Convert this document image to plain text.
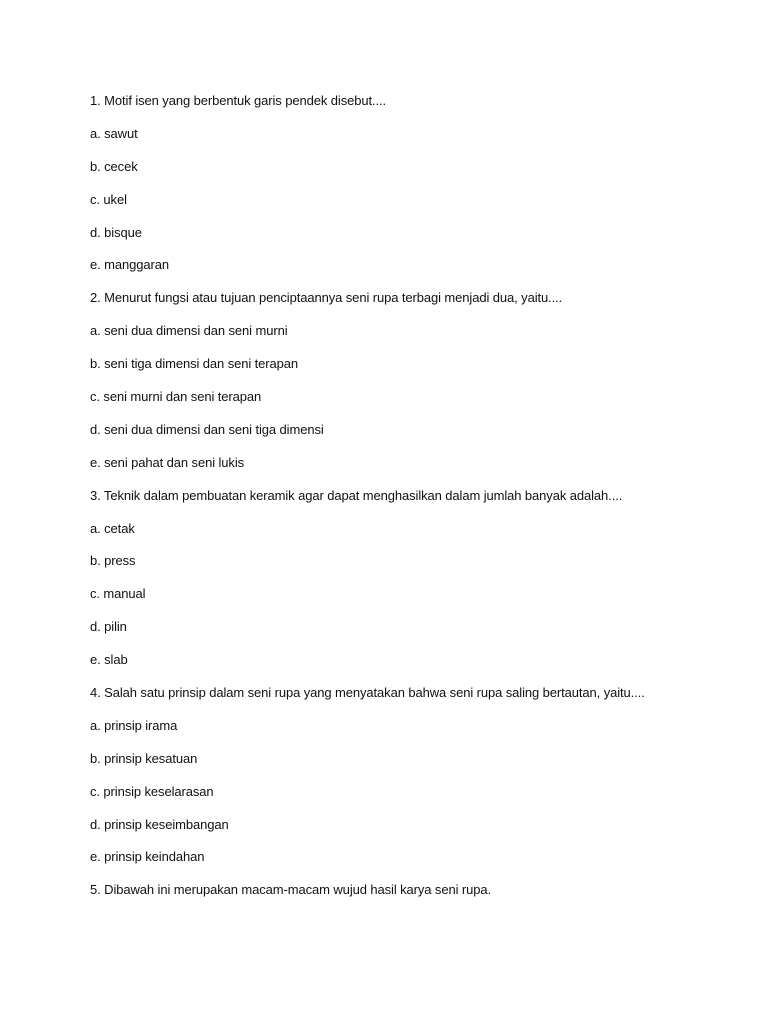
1. Motif isen yang berbentuk garis pendek disebut....
a. sawut
b. cecek
c. ukel
d. bisque
e. manggaran
2. Menurut fungsi atau tujuan penciptaannya seni rupa terbagi menjadi dua, yaitu....
a. seni dua dimensi dan seni murni
b. seni tiga dimensi dan seni terapan
c. seni murni dan seni terapan
d. seni dua dimensi dan seni tiga dimensi
e. seni pahat dan seni lukis
3. Teknik dalam pembuatan keramik agar dapat menghasilkan dalam jumlah banyak adalah....
a. cetak
b. press
c. manual
d. pilin
e. slab
4. Salah satu prinsip dalam seni rupa yang menyatakan bahwa seni rupa saling bertautan, yaitu....
a. prinsip irama
b. prinsip kesatuan
c. prinsip keselarasan
d. prinsip keseimbangan
e. prinsip keindahan
5. Dibawah ini merupakan macam-macam wujud hasil karya seni rupa.
